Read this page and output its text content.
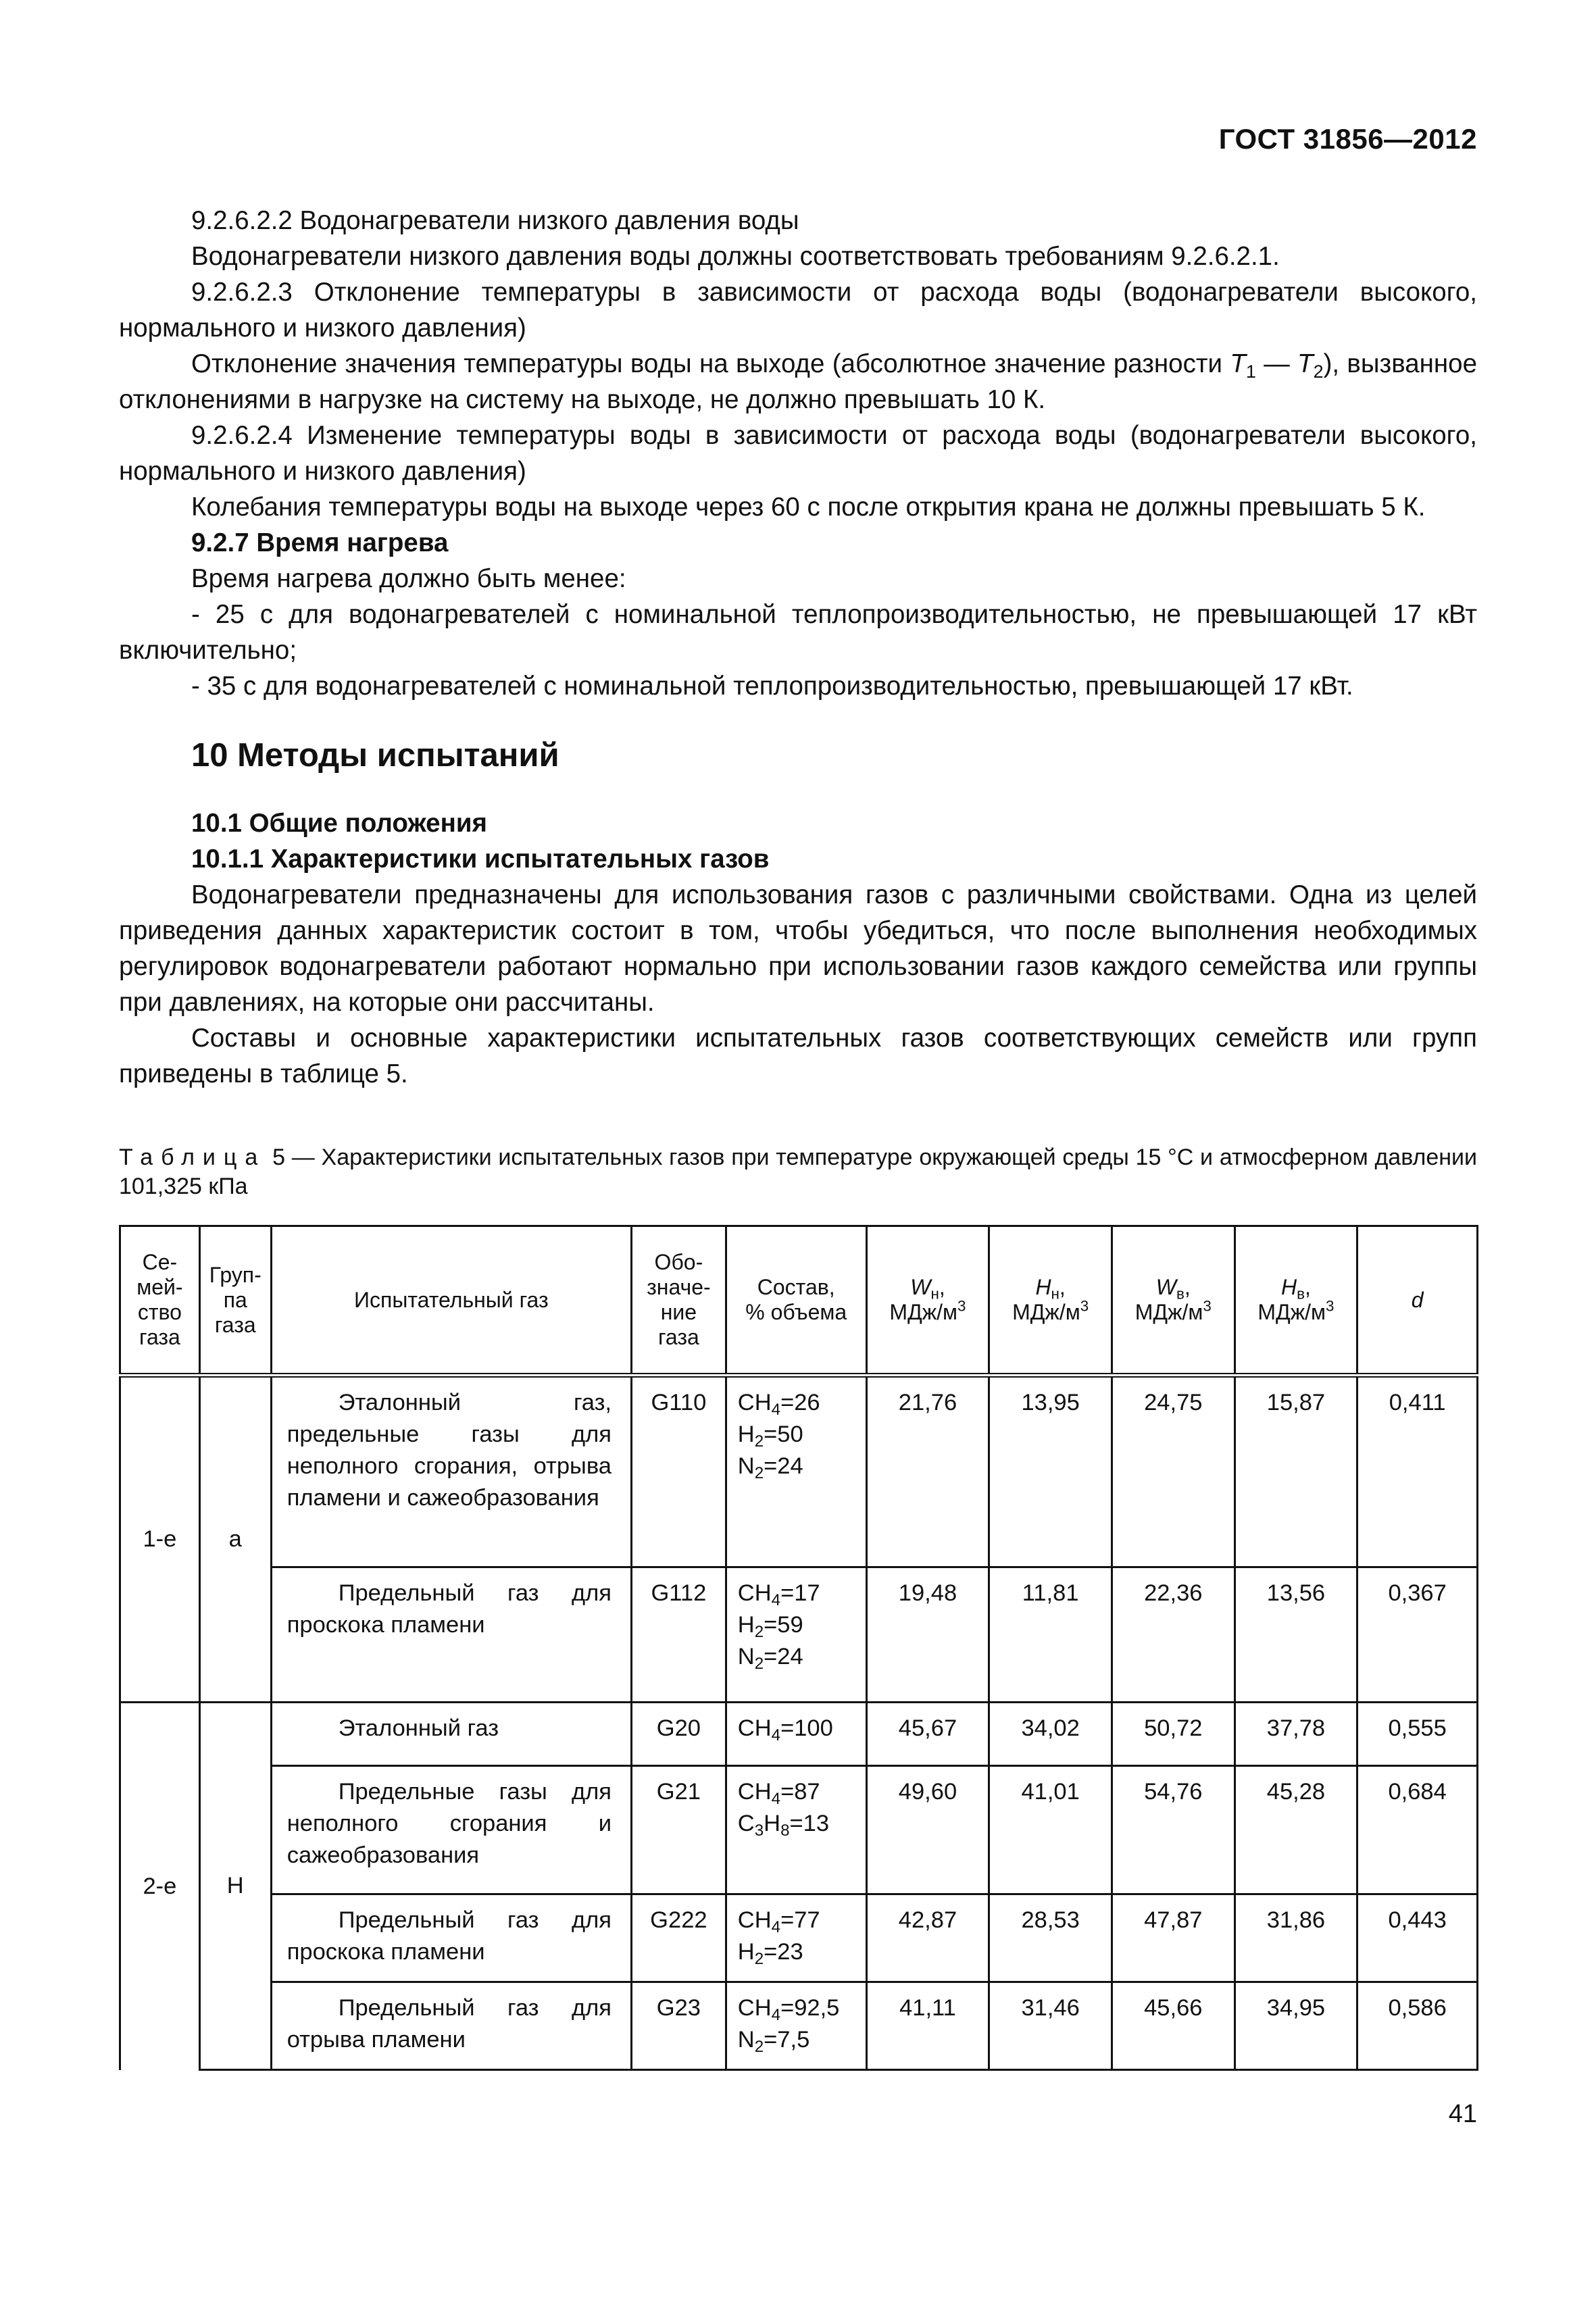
ГОСТ 31856—2012

9.2.6.2.2 Водонагреватели низкого давления воды

Водонагреватели низкого давления воды должны соответствовать требованиям 9.2.6.2.1.

9.2.6.2.3 Отклонение температуры в зависимости от расхода воды (водонагреватели высокого, нормального и низкого давления)

Отклонение значения температуры воды на выходе (абсолютное значение разности $T_1$ — $T_2$), вызванное отклонениями в нагрузке на систему на выходе, не должно превышать 10 К.

9.2.6.2.4 Изменение температуры воды в зависимости от расхода воды (водонагреватели высокого, нормального и низкого давления)

Колебания температуры воды на выходе через 60 с после открытия крана не должны превышать 5 К.

9.2.7 Время нагрева

Время нагрева должно быть менее:

- 25 с для водонагревателей с номинальной теплопроизводительностью, не превышающей 17 кВт включительно;

- 35 с для водонагревателей с номинальной теплопроизводительностью, превышающей 17 кВт.

10 Методы испытаний

10.1 Общие положения

10.1.1 Характеристики испытательных газов

Водонагреватели предназначены для использования газов с различными свойствами. Одна из целей приведения данных характеристик состоит в том, чтобы убедиться, что после выполнения необходимых регулировок водонагреватели работают нормально при использовании газов каждого семейства или группы при давлениях, на которые они рассчитаны.

Составы и основные характеристики испытательных газов соответствующих семейств или групп приведены в таблице 5.

Таблица 5 — Характеристики испытательных газов при температуре окружающей среды 15 °С и атмосферном давлении 101,325 кПа
Се-
мей-
ство
газа	Груп-
па
газа	Испытательный газ	Обо-
значе-
ние
газа	Состав,
% объема	$W_н$,
МДж/$м^3$	$H_н$,
МДж/$м^3$	$W_в$,
МДж/$м^3$	$H_в$,
МДж/$м^3$	d
1-е	а	Эталонный газ, предельные газы для неполного сгорания, отрыва пламени и сажеобразования	G110	$CH_4=26$
$H_2=50$
$N_2=24$	21,76	13,95	24,75	15,87	0,411

		Предельный газ для проскока пламени	G112	$CH_4=17$
$H_2=59$
$N_2=24$	19,48	11,81	22,36	13,56	0,367
2-е	Н	Эталонный газ	G20	$CH_4=100$	45,67	34,02	50,72	37,78	0,555

		Предельные газы для неполного сгорания и сажеобразования	G21	$CH_4=87$
$C_3H_8=13$	49,60	41,01	54,76	45,28	0,684

		Предельный газ для проскока пламени	G222	$CH_4=77$
$H_2=23$	42,87	28,53	47,87	31,86	0,443

		Предельный газ для отрыва пламени	G23	$CH_4=92,5$
$N_2=7,5$	41,11	31,46	45,66	34,95	0,586
41
